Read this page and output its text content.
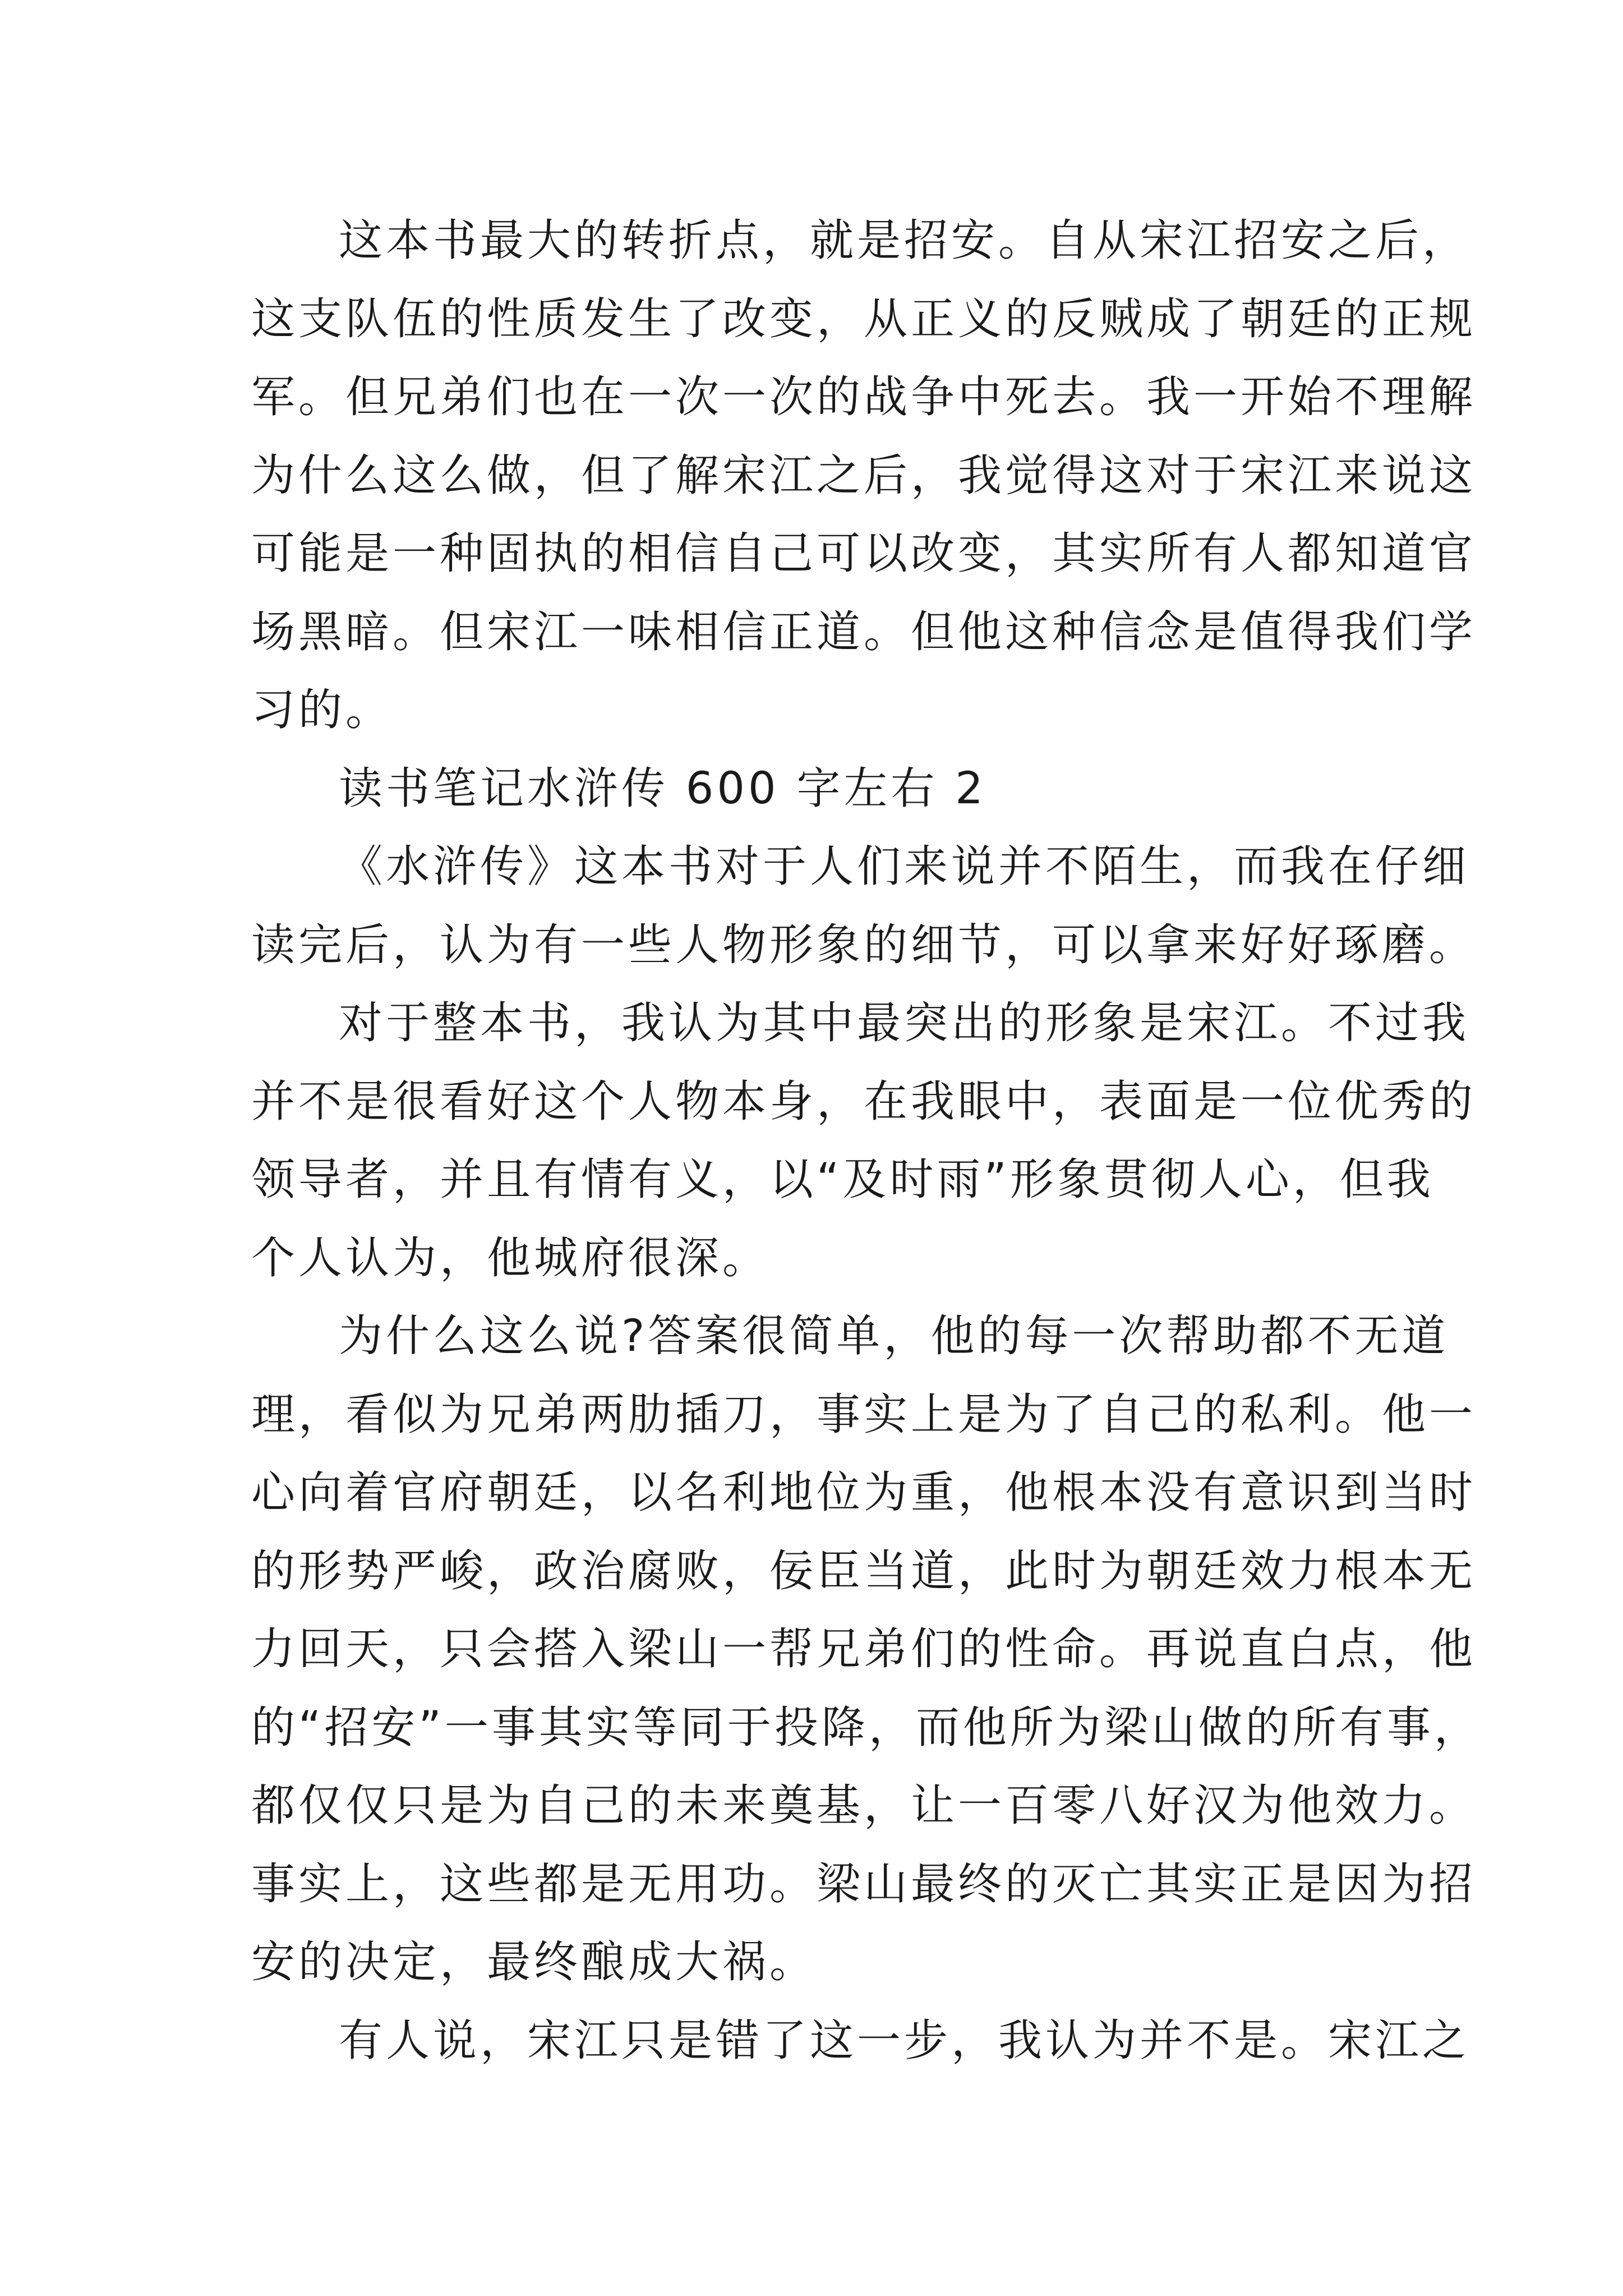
这本书最大的转折点，就是招安。自从宋江招安之后，
这支队伍的性质发生了改变，从正义的反贼成了朝廷的正规
军。但兄弟们也在一次一次的战争中死去。我一开始不理解
为什么这么做，但了解宋江之后，我觉得这对于宋江来说这
可能是一种固执的相信自己可以改变，其实所有人都知道官
场黑暗。但宋江一味相信正道。但他这种信念是值得我们学
习的。
读书笔记水浒传 600 字左右 2
《水浒传》这本书对于人们来说并不陌生，而我在仔细
读完后，认为有一些人物形象的细节，可以拿来好好琢磨。
对于整本书，我认为其中最突出的形象是宋江。不过我
并不是很看好这个人物本身，在我眼中，表面是一位优秀的
领导者，并且有情有义，以“及时雨”形象贯彻人心，但我
个人认为，他城府很深。
为什么这么说?答案很简单，他的每一次帮助都不无道
理，看似为兄弟两肋插刀，事实上是为了自己的私利。他一
心向着官府朝廷，以名利地位为重，他根本没有意识到当时
的形势严峻，政治腐败，佞臣当道，此时为朝廷效力根本无
力回天，只会搭入梁山一帮兄弟们的性命。再说直白点，他
的“招安”一事其实等同于投降，而他所为梁山做的所有事，
都仅仅只是为自己的未来奠基，让一百零八好汉为他效力。
事实上，这些都是无用功。梁山最终的灭亡其实正是因为招
安的决定，最终酿成大祸。
有人说，宋江只是错了这一步，我认为并不是。宋江之
